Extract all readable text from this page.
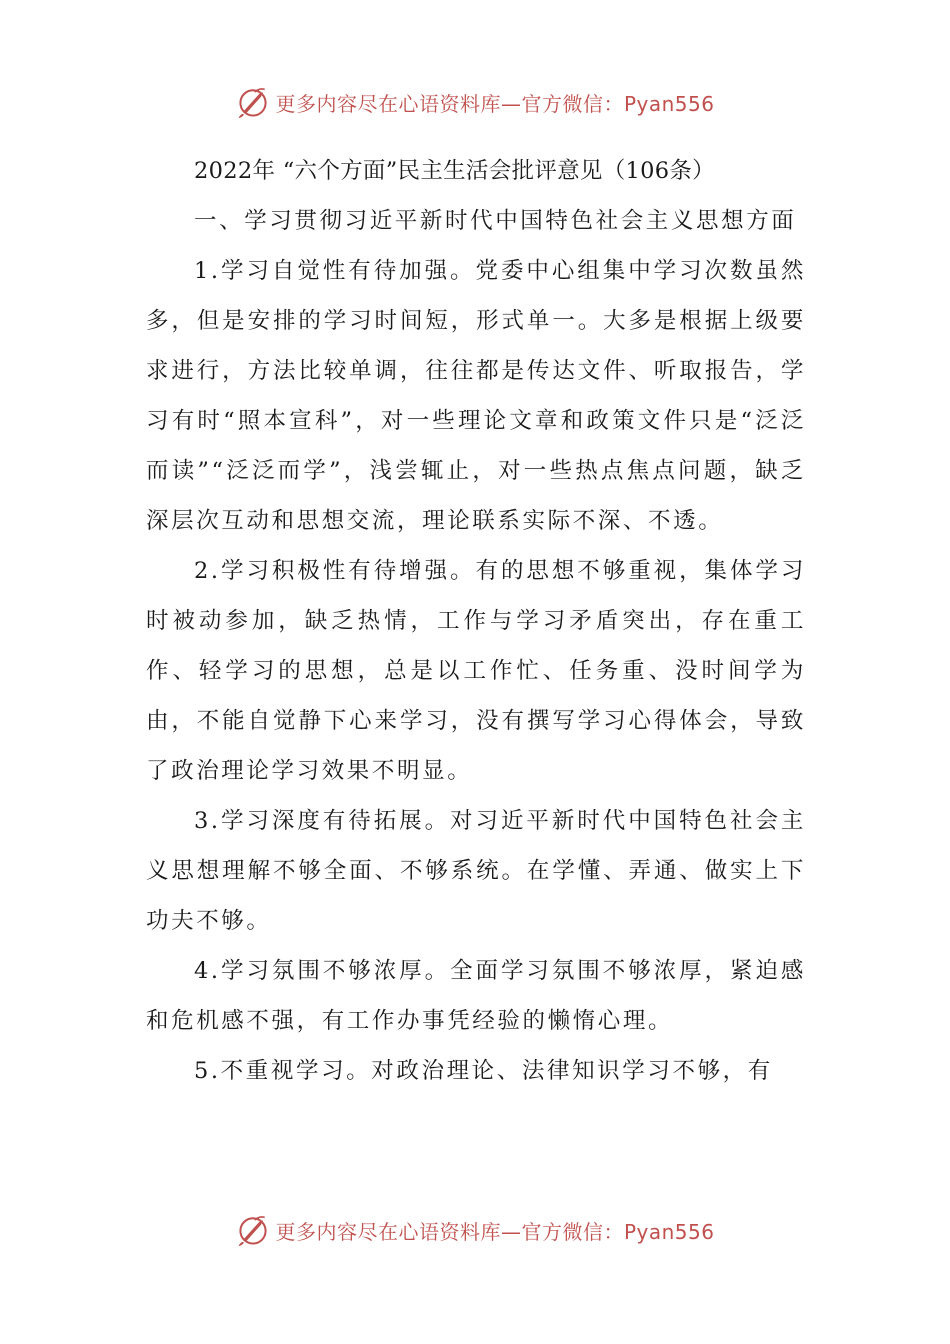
更多内容尽在心语资料库—官方微信：Pyan556
2022年 “六个方面”民主生活会批评意见（106条）

一、学习贯彻习近平新时代中国特色社会主义思想方面

1.学习自觉性有待加强。党委中心组集中学习次数虽然多，但是安排的学习时间短，形式单一。大多是根据上级要求进行，方法比较单调，往往都是传达文件、听取报告，学习有时“照本宣科”，对一些理论文章和政策文件只是“泛泛而读”“泛泛而学”，浅尝辄止，对一些热点焦点问题，缺乏深层次互动和思想交流，理论联系实际不深、不透。

2.学习积极性有待增强。有的思想不够重视，集体学习时被动参加，缺乏热情，工作与学习矛盾突出，存在重工作、轻学习的思想，总是以工作忙、任务重、没时间学为由，不能自觉静下心来学习，没有撰写学习心得体会，导致了政治理论学习效果不明显。

3.学习深度有待拓展。对习近平新时代中国特色社会主义思想理解不够全面、不够系统。在学懂、弄通、做实上下功夫不够。

4.学习氛围不够浓厚。全面学习氛围不够浓厚，紧迫感和危机感不强，有工作办事凭经验的懒惰心理。

5.不重视学习。对政治理论、法律知识学习不够，有

更多内容尽在心语资料库—官方微信：Pyan556
